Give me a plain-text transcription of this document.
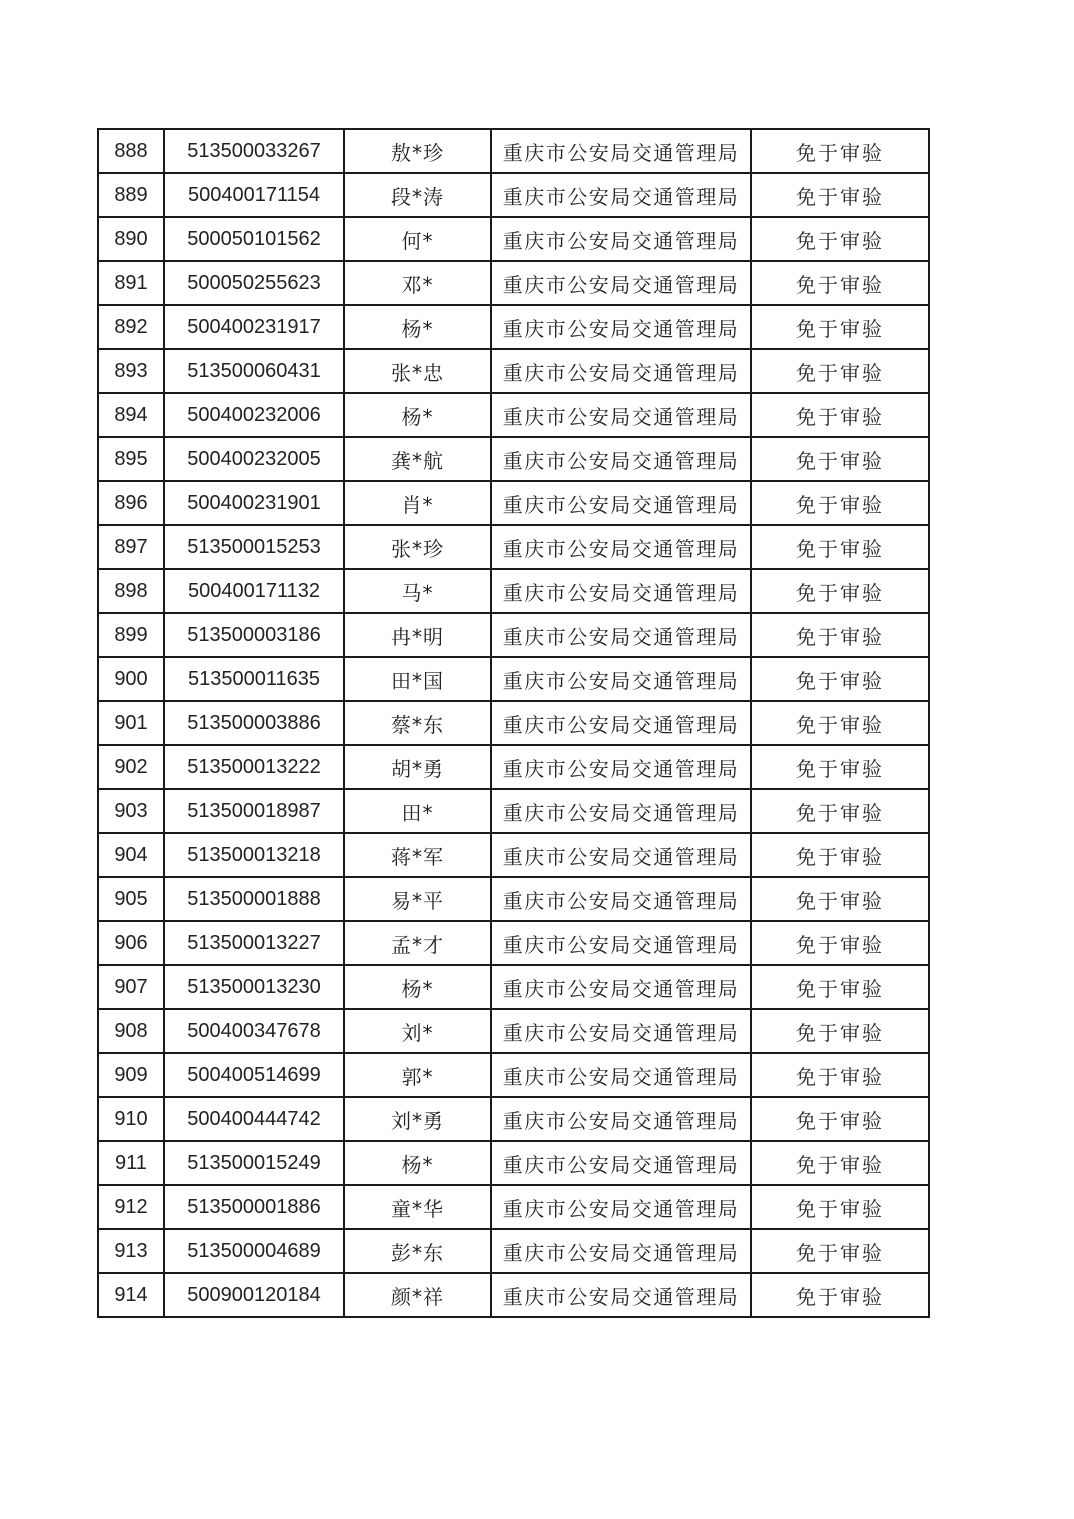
888	513500033267	敖*珍	重庆市公安局交通管理局	免于审验
889	500400171154	段*涛	重庆市公安局交通管理局	免于审验
890	500050101562	何*	重庆市公安局交通管理局	免于审验
891	500050255623	邓*	重庆市公安局交通管理局	免于审验
892	500400231917	杨*	重庆市公安局交通管理局	免于审验
893	513500060431	张*忠	重庆市公安局交通管理局	免于审验
894	500400232006	杨*	重庆市公安局交通管理局	免于审验
895	500400232005	龚*航	重庆市公安局交通管理局	免于审验
896	500400231901	肖*	重庆市公安局交通管理局	免于审验
897	513500015253	张*珍	重庆市公安局交通管理局	免于审验
898	500400171132	马*	重庆市公安局交通管理局	免于审验
899	513500003186	冉*明	重庆市公安局交通管理局	免于审验
900	513500011635	田*国	重庆市公安局交通管理局	免于审验
901	513500003886	蔡*东	重庆市公安局交通管理局	免于审验
902	513500013222	胡*勇	重庆市公安局交通管理局	免于审验
903	513500018987	田*	重庆市公安局交通管理局	免于审验
904	513500013218	蒋*军	重庆市公安局交通管理局	免于审验
905	513500001888	易*平	重庆市公安局交通管理局	免于审验
906	513500013227	孟*才	重庆市公安局交通管理局	免于审验
907	513500013230	杨*	重庆市公安局交通管理局	免于审验
908	500400347678	刘*	重庆市公安局交通管理局	免于审验
909	500400514699	郭*	重庆市公安局交通管理局	免于审验
910	500400444742	刘*勇	重庆市公安局交通管理局	免于审验
911	513500015249	杨*	重庆市公安局交通管理局	免于审验
912	513500001886	童*华	重庆市公安局交通管理局	免于审验
913	513500004689	彭*东	重庆市公安局交通管理局	免于审验
914	500900120184	颜*祥	重庆市公安局交通管理局	免于审验
